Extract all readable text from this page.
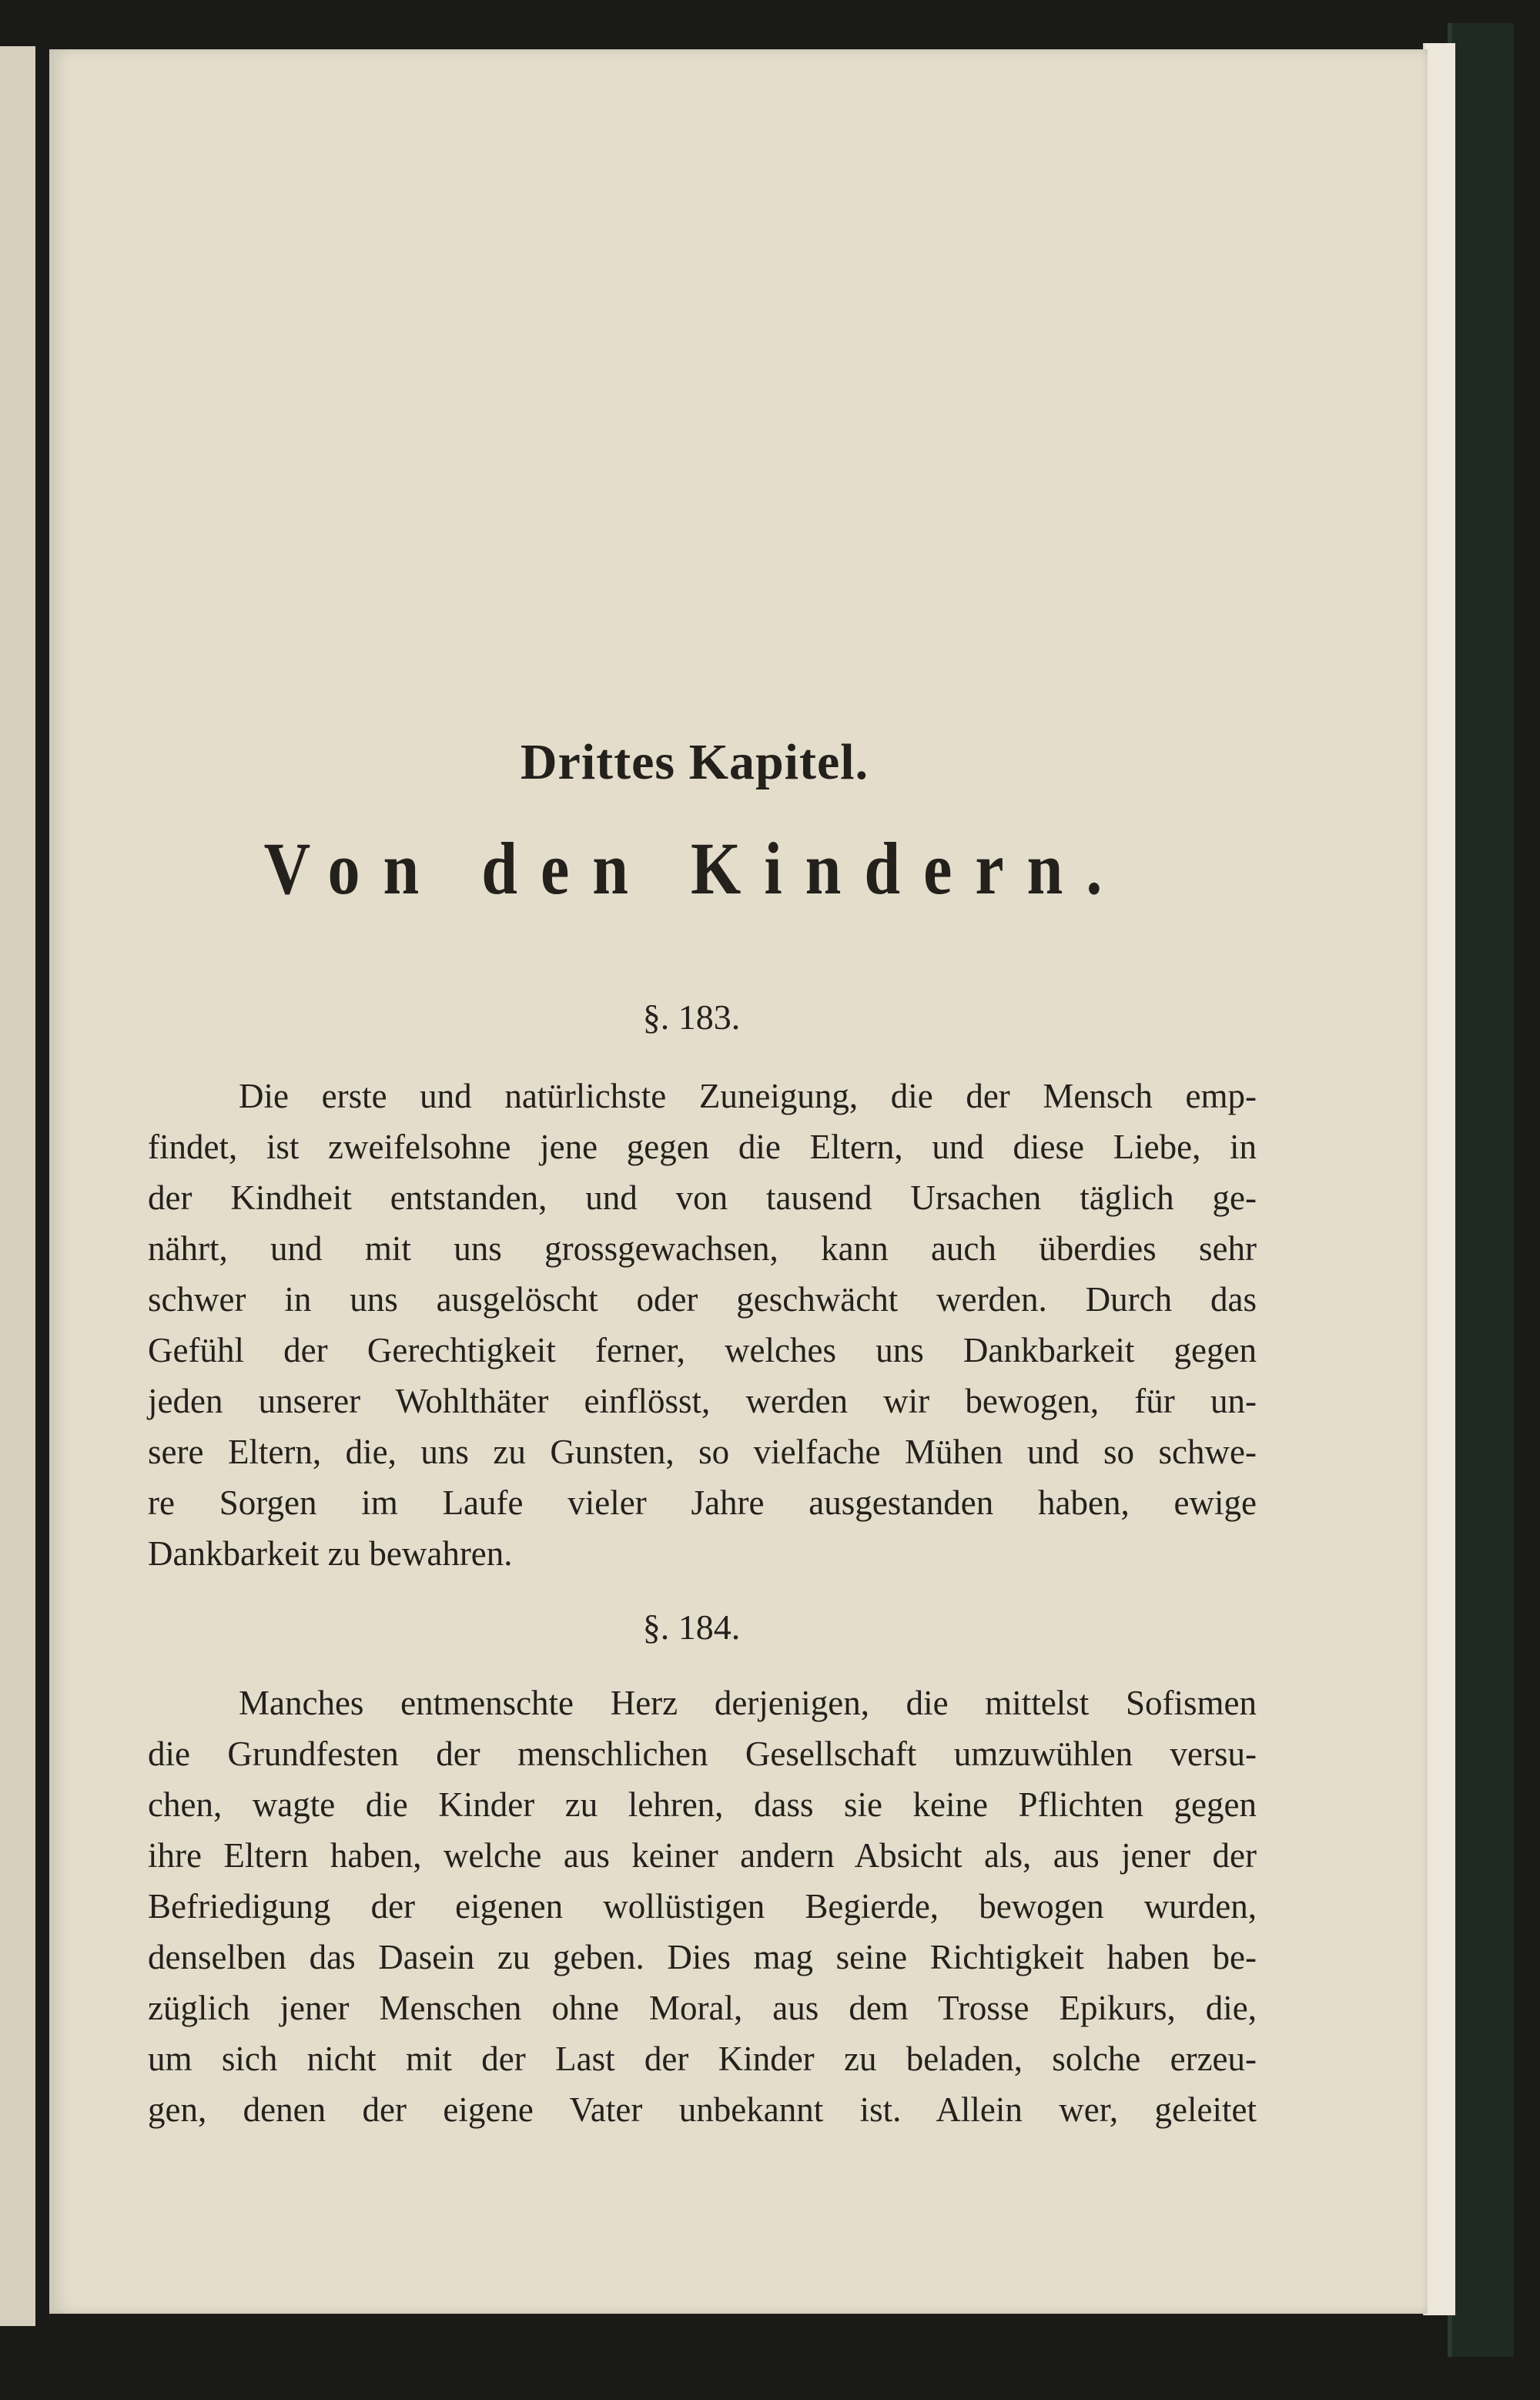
Drittes Kapitel.
Von den Kindern.
§. 183.

Die erste und natürlichste Zuneigung, die der Mensch emp-
findet, ist zweifelsohne jene gegen die Eltern, und diese Liebe, in
der Kindheit entstanden, und von tausend Ursachen täglich ge-
nährt, und mit uns grossgewachsen, kann auch überdies sehr
schwer in uns ausgelöscht oder geschwächt werden. Durch das
Gefühl der Gerechtigkeit ferner, welches uns Dankbarkeit gegen
jeden unserer Wohlthäter einflösst, werden wir bewogen, für un-
sere Eltern, die, uns zu Gunsten, so vielfache Mühen und so schwe-
re Sorgen im Laufe vieler Jahre ausgestanden haben, ewige
Dankbarkeit zu bewahren.

§. 184.

Manches entmenschte Herz derjenigen, die mittelst Sofismen
die Grundfesten der menschlichen Gesellschaft umzuwühlen versu-
chen, wagte die Kinder zu lehren, dass sie keine Pflichten gegen
ihre Eltern haben, welche aus keiner andern Absicht als, aus jener der
Befriedigung der eigenen wollüstigen Begierde, bewogen wurden,
denselben das Dasein zu geben. Dies mag seine Richtigkeit haben be-
züglich jener Menschen ohne Moral, aus dem Trosse Epikurs, die,
um sich nicht mit der Last der Kinder zu beladen, solche erzeu-
gen, denen der eigene Vater unbekannt ist. Allein wer, geleitet
